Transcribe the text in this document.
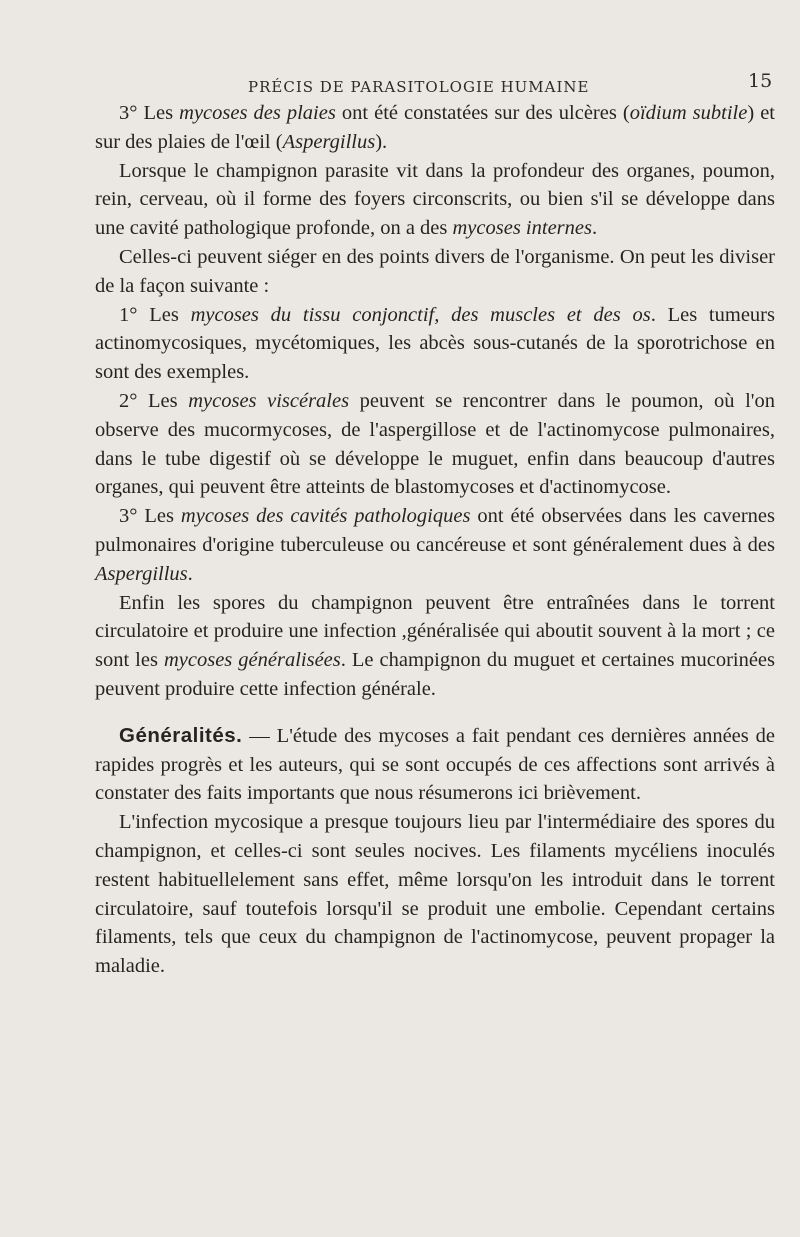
PRÉCIS DE PARASITOLOGIE HUMAINE	15

3° Les mycoses des plaies ont été constatées sur des ulcères (oïdium subtile) et sur des plaies de l'œil (Aspergillus).

Lorsque le champignon parasite vit dans la profondeur des organes, poumon, rein, cerveau, où il forme des foyers circonscrits, ou bien s'il se développe dans une cavité pathologique profonde, on a des mycoses internes.

Celles-ci peuvent siéger en des points divers de l'organisme. On peut les diviser de la façon suivante :

1° Les mycoses du tissu conjonctif, des muscles et des os. Les tumeurs actinomycosiques, mycétomiques, les abcès sous-cutanés de la sporotrichose en sont des exemples.

2° Les mycoses viscérales peuvent se rencontrer dans le poumon, où l'on observe des mucormycoses, de l'aspergillose et de l'actinomycose pulmonaires, dans le tube digestif où se développe le muguet, enfin dans beaucoup d'autres organes, qui peuvent être atteints de blastomycoses et d'actinomycose.

3° Les mycoses des cavités pathologiques ont été observées dans les cavernes pulmonaires d'origine tuberculeuse ou cancéreuse et sont généralement dues à des Aspergillus.

Enfin les spores du champignon peuvent être entraînées dans le torrent circulatoire et produire une infection ,généralisée qui aboutit souvent à la mort ; ce sont les mycoses généralisées. Le champignon du muguet et certaines mucorinées peuvent produire cette infection générale.

Généralités. — L'étude des mycoses a fait pendant ces dernières années de rapides progrès et les auteurs, qui se sont occupés de ces affections sont arrivés à constater des faits importants que nous résumerons ici brièvement.

L'infection mycosique a presque toujours lieu par l'intermédiaire des spores du champignon, et celles-ci sont seules nocives. Les filaments mycéliens inoculés restent habituellelement sans effet, même lorsqu'on les introduit dans le torrent circulatoire, sauf toutefois lorsqu'il se produit une embolie. Cependant certains filaments, tels que ceux du champignon de l'actinomycose, peuvent propager la maladie.
